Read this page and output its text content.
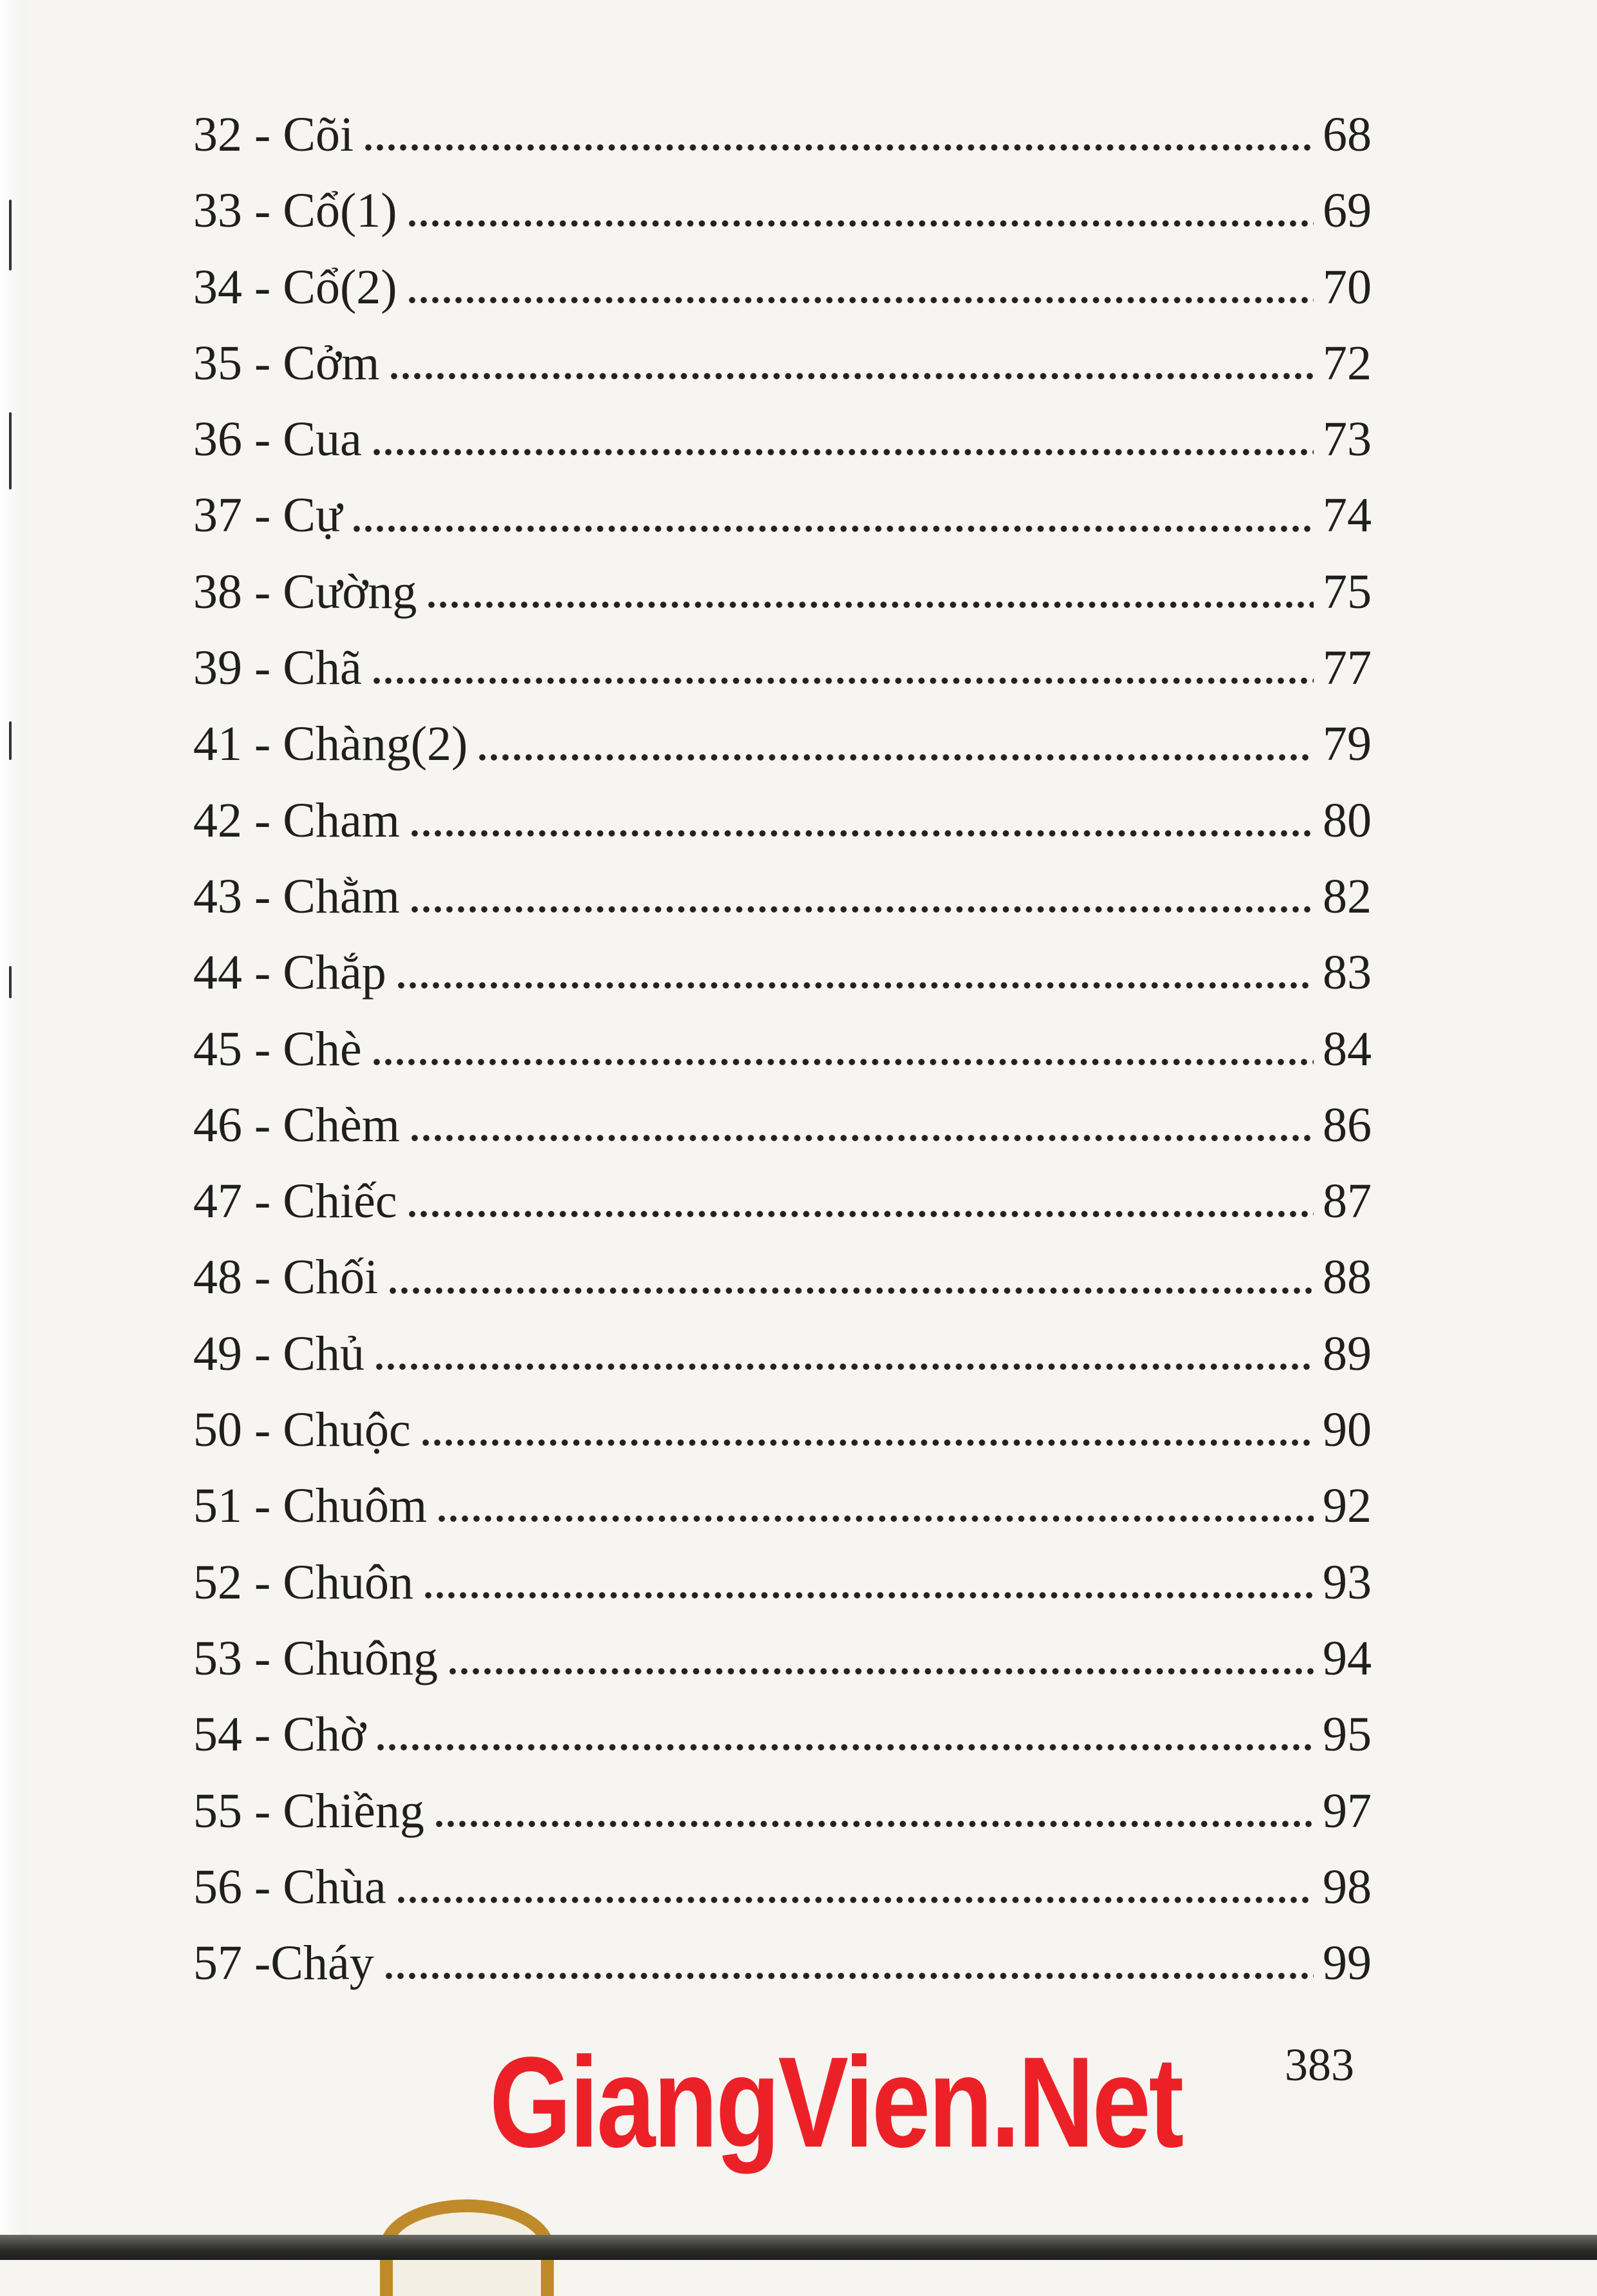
32 - Cõi	68
33 - Cổ(1)	69
34 - Cổ(2)	70
35 - Cởm	72
36 - Cua	73
37 - Cự	74
38 - Cường	75
39 - Chã	77
41 - Chàng(2)	79
42 - Cham	80
43 - Chằm	82
44 - Chắp	83
45 - Chè	84
46 - Chèm	86
47 - Chiếc	87
48 - Chối	88
49 - Chủ	89
50 - Chuộc	90
51 - Chuôm	92
52 - Chuôn	93
53 - Chuông	94
54 - Chờ	95
55 - Chiềng	97
56 - Chùa	98
57 -Cháy	99
GiangVien.Net 383
